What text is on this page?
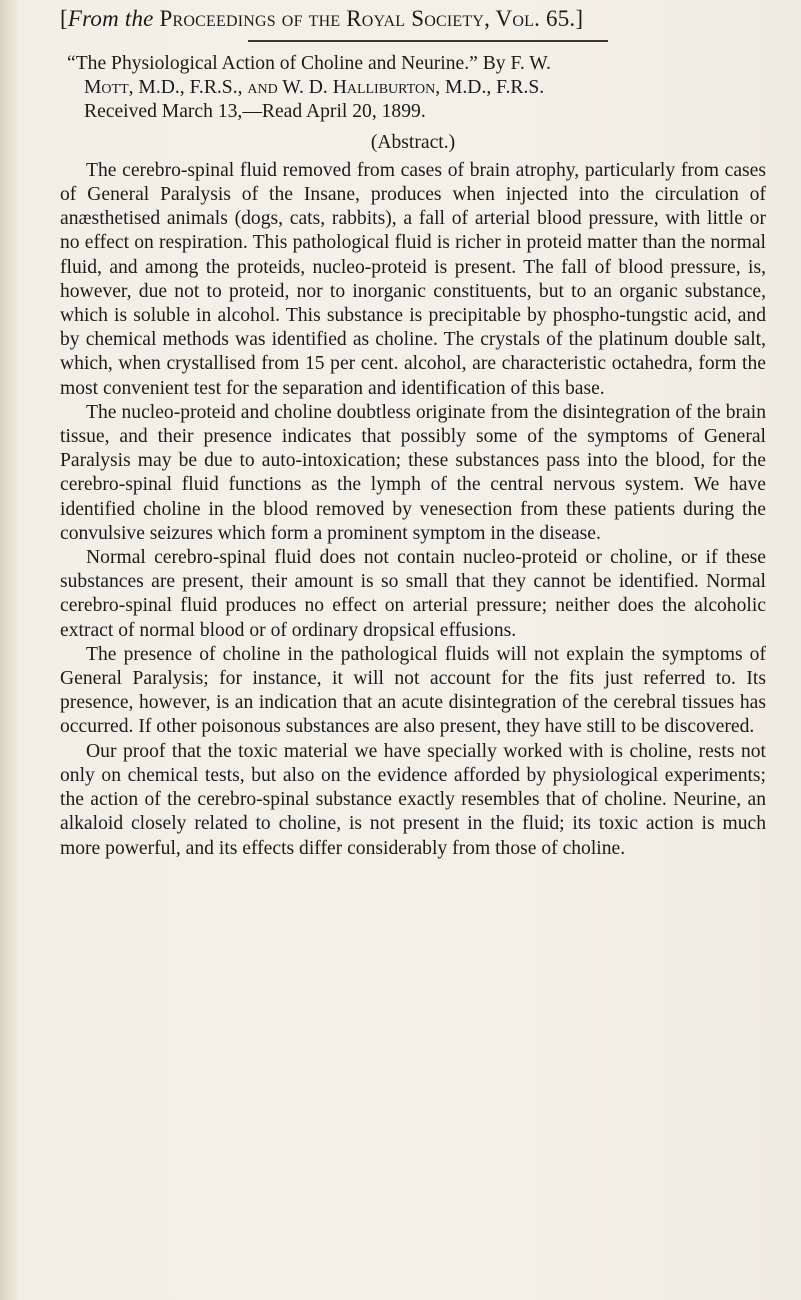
[From the Proceedings of the Royal Society, Vol. 65.]

“The Physiological Action of Choline and Neurine.” By F. W.

Mott, M.D., F.R.S., and W. D. Halliburton, M.D., F.R.S.

Received March 13,—Read April 20, 1899.

(Abstract.)

The cerebro-spinal fluid removed from cases of brain atrophy, particularly from cases of General Paralysis of the Insane, produces when injected into the circulation of anæsthetised animals (dogs, cats, rabbits), a fall of arterial blood pressure, with little or no effect on respiration. This pathological fluid is richer in proteid matter than the normal fluid, and among the proteids, nucleo-proteid is present. The fall of blood pressure, is, however, due not to proteid, nor to inorganic constituents, but to an organic substance, which is soluble in alcohol. This substance is precipitable by phospho-tungstic acid, and by chemical methods was identified as choline. The crystals of the platinum double salt, which, when crystallised from 15 per cent. alcohol, are characteristic octahedra, form the most convenient test for the separation and identification of this base.

The nucleo-proteid and choline doubtless originate from the disintegration of the brain tissue, and their presence indicates that possibly some of the symptoms of General Paralysis may be due to auto-intoxication; these substances pass into the blood, for the cerebro-spinal fluid functions as the lymph of the central nervous system. We have identified choline in the blood removed by venesection from these patients during the convulsive seizures which form a prominent symptom in the disease.

Normal cerebro-spinal fluid does not contain nucleo-proteid or choline, or if these substances are present, their amount is so small that they cannot be identified. Normal cerebro-spinal fluid produces no effect on arterial pressure; neither does the alcoholic extract of normal blood or of ordinary dropsical effusions.

The presence of choline in the pathological fluids will not explain the symptoms of General Paralysis; for instance, it will not account for the fits just referred to. Its presence, however, is an indication that an acute disintegration of the cerebral tissues has occurred. If other poisonous substances are also present, they have still to be discovered.

Our proof that the toxic material we have specially worked with is choline, rests not only on chemical tests, but also on the evidence afforded by physiological experiments; the action of the cerebro-spinal substance exactly resembles that of choline. Neurine, an alkaloid closely related to choline, is not present in the fluid; its toxic action is much more powerful, and its effects differ considerably from those of choline.
